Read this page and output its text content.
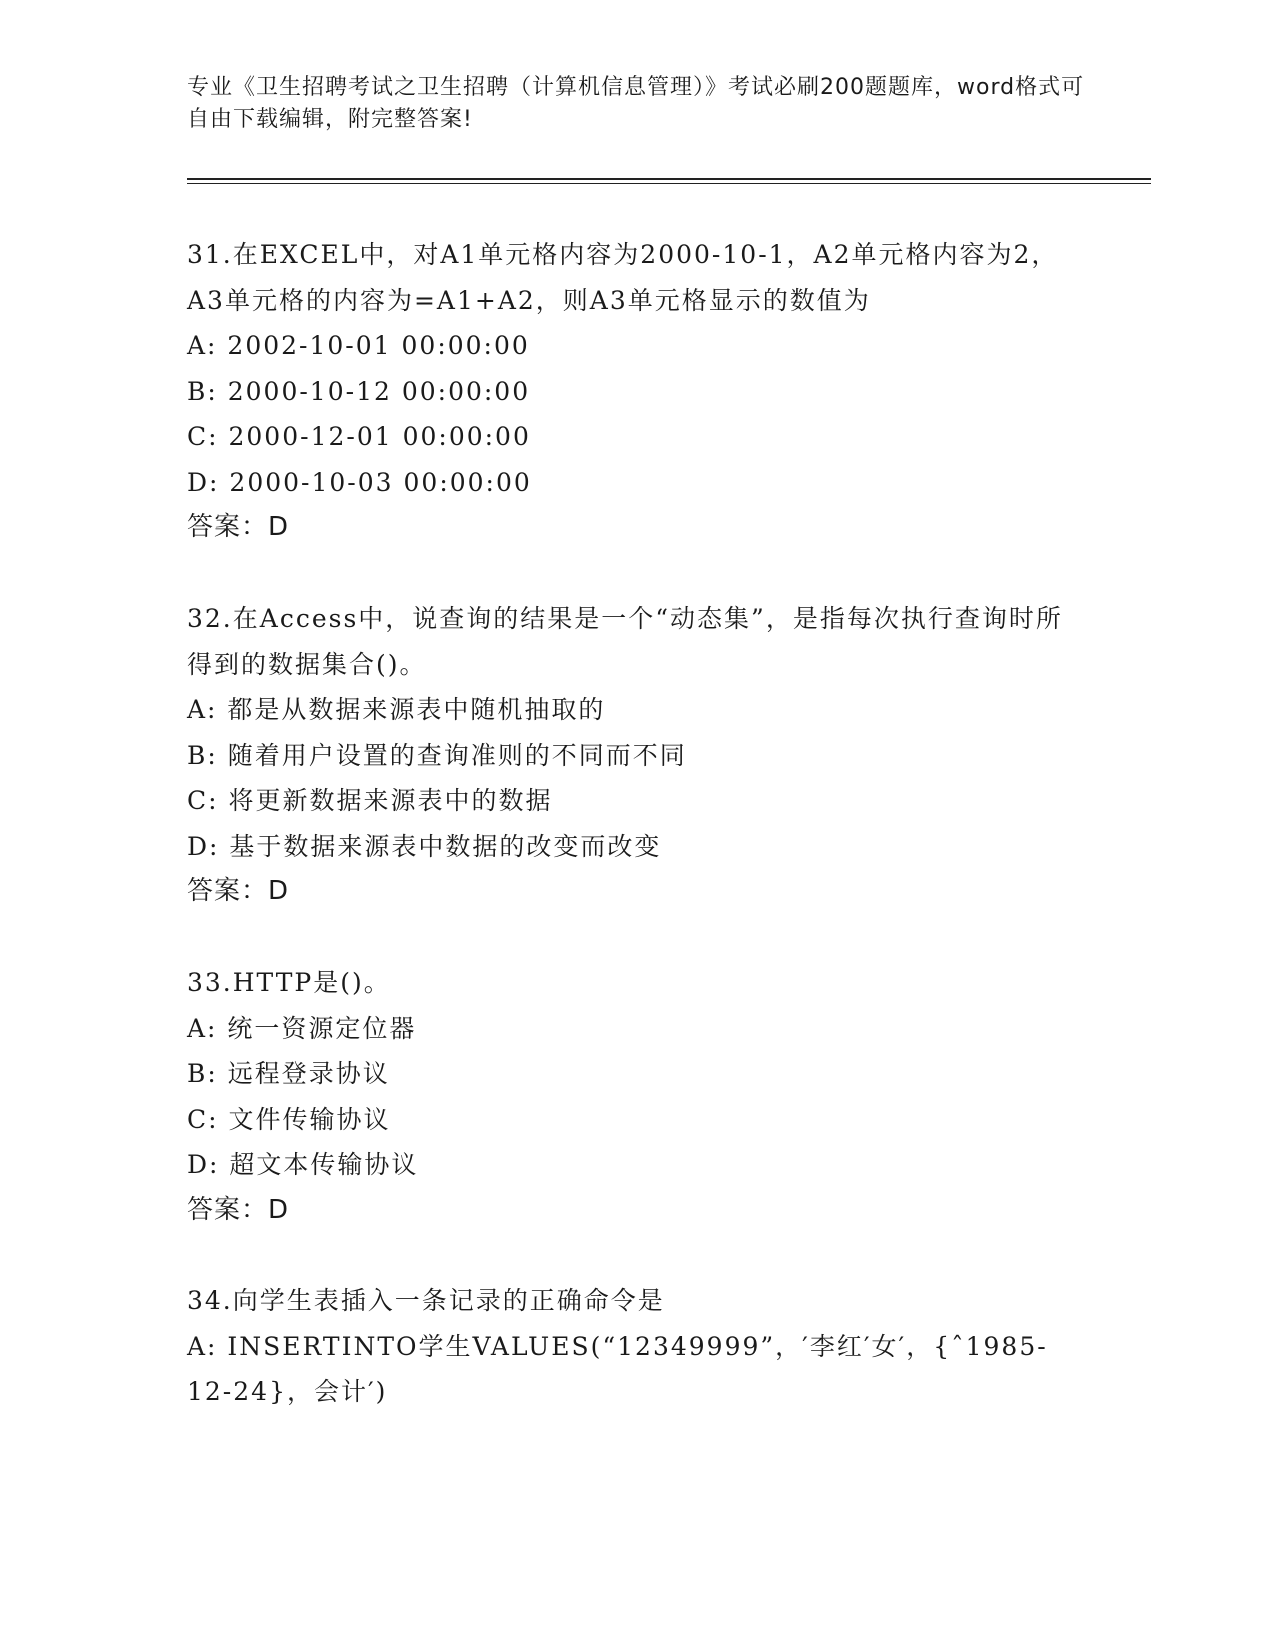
专业《卫生招聘考试之卫生招聘（计算机信息管理）》考试必刷200题题库，word格式可自由下载编辑，附完整答案!
31.在EXCEL中，对A1单元格内容为2000-10-1，A2单元格内容为2，A3单元格的内容为=A1+A2，则A3单元格显示的数值为
A: 2002-10-01 00:00:00
B: 2000-10-12 00:00:00
C: 2000-12-01 00:00:00
D: 2000-10-03 00:00:00
答案：D
32.在Access中，说查询的结果是一个“动态集”，是指每次执行查询时所得到的数据集合()。
A: 都是从数据来源表中随机抽取的
B: 随着用户设置的查询准则的不同而不同
C: 将更新数据来源表中的数据
D: 基于数据来源表中数据的改变而改变
答案：D
33.HTTP是()。
A: 统一资源定位器
B: 远程登录协议
C: 文件传输协议
D: 超文本传输协议
答案：D
34.向学生表插入一条记录的正确命令是
A: INSERTINTO学生VALUES(“12349999”，′李红′女′，{ˆ1985-12-24}，会计′)
